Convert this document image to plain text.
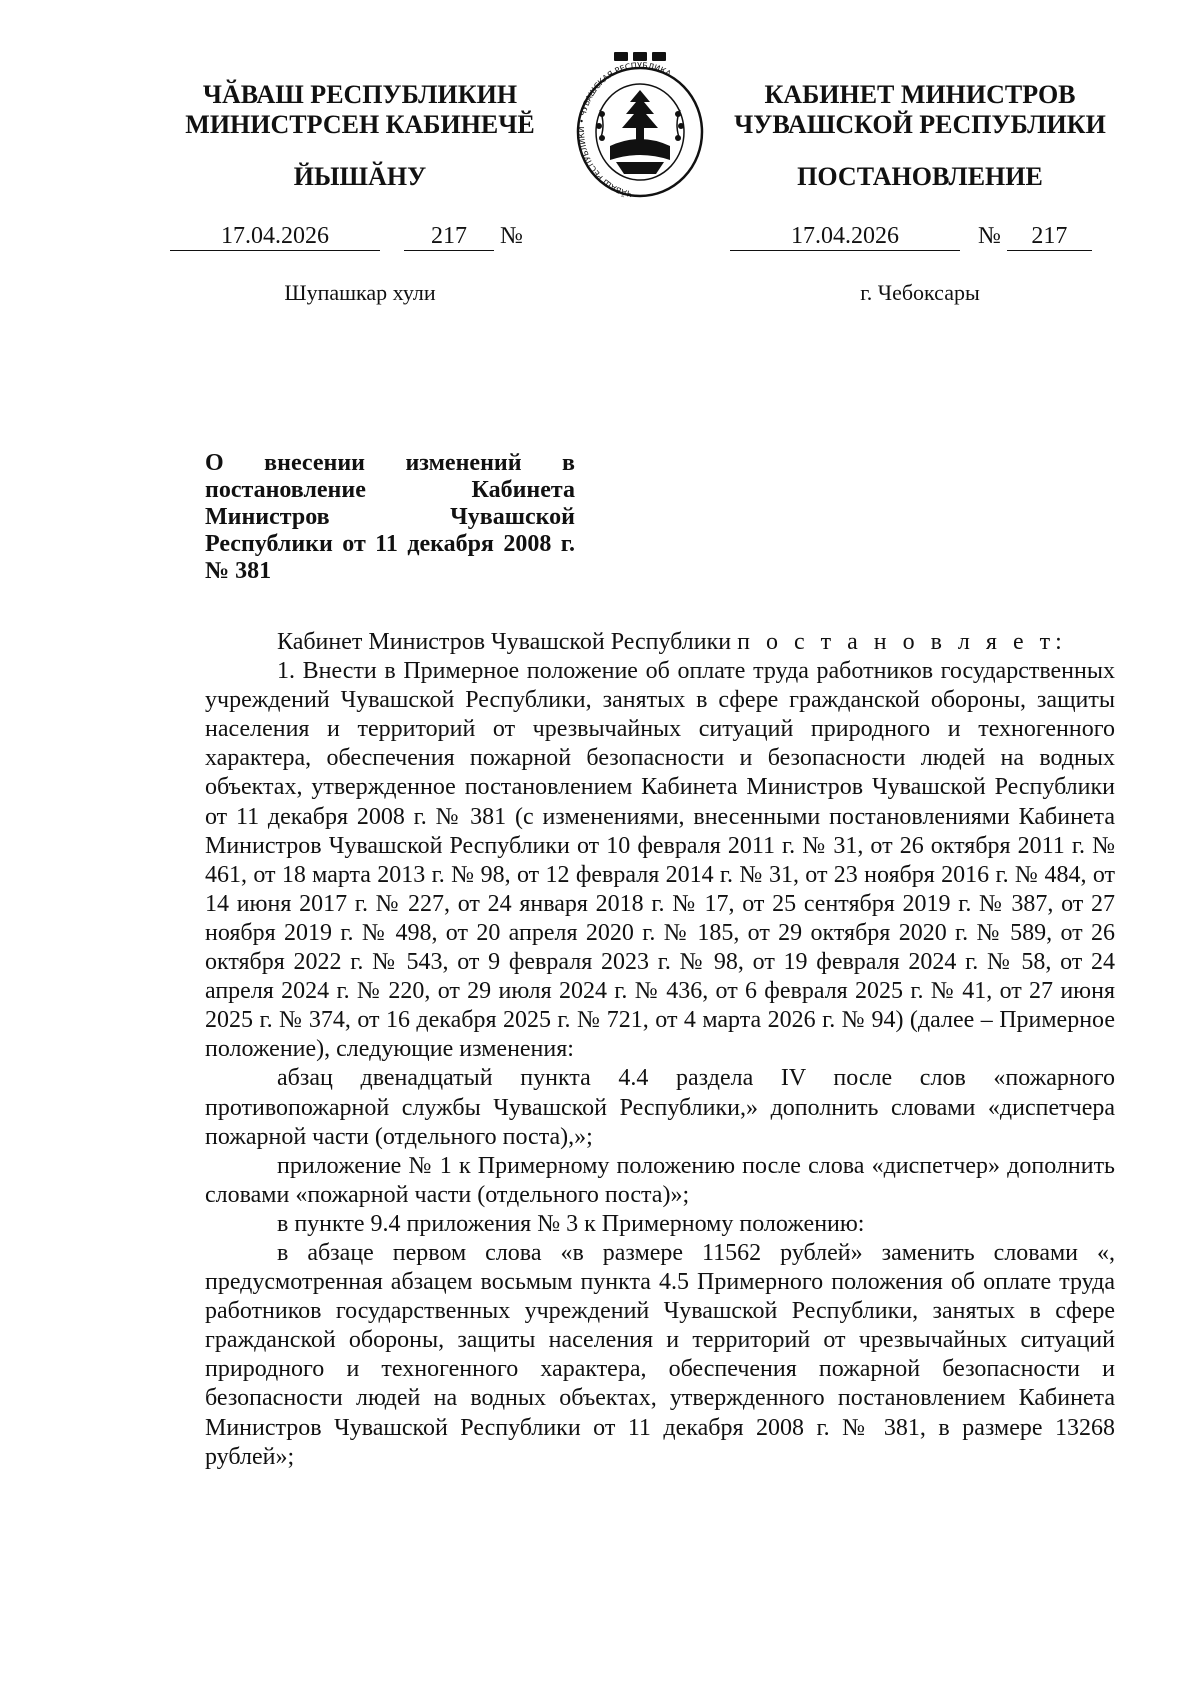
ЧӐВАШ РЕСПУБЛИКИН
МИНИСТРСЕН КАБИНЕЧӖ
ЙЫШӐНУ
КАБИНЕТ МИНИСТРОВ
ЧУВАШСКОЙ РЕСПУБЛИКИ
ПОСТАНОВЛЕНИЕ
ЧӐВАШ РЕСПУБЛИКИ • ЧУВАШСКАЯ РЕСПУБЛИКА
17.04.2026	217 №	17.04.2026	№ 217
Шупашкар хули	г. Чебоксары
О внесении изменений в постановление Кабинета Министров Чувашской Республики от 11 декабря 2008 г. № 381

Кабинет Министров Чувашской Республики п о с т а н о в л я е т:

1. Внести в Примерное положение об оплате труда работников государственных учреждений Чувашской Республики, занятых в сфере гражданской обороны, защиты населения и территорий от чрезвычайных ситуаций природного и техногенного характера, обеспечения пожарной безопасности и безопасности людей на водных объектах, утвержденное постановлением Кабинета Министров Чувашской Республики от 11 декабря 2008 г. № 381 (с изменениями, внесенными постановлениями Кабинета Министров Чувашской Республики от 10 февраля 2011 г. № 31, от 26 октября 2011 г. № 461, от 18 марта 2013 г. № 98, от 12 февраля 2014 г. № 31, от 23 ноября 2016 г. № 484, от 14 июня 2017 г. № 227, от 24 января 2018 г. № 17, от 25 сентября 2019 г. № 387, от 27 ноября 2019 г. № 498, от 20 апреля 2020 г. № 185, от 29 октября 2020 г. № 589, от 26 октября 2022 г. № 543, от 9 февраля 2023 г. № 98, от 19 февраля 2024 г. № 58, от 24 апреля 2024 г. № 220, от 29 июля 2024 г. № 436, от 6 февраля 2025 г. № 41, от 27 июня 2025 г. № 374, от 16 декабря 2025 г. № 721, от 4 марта 2026 г. № 94) (далее – Примерное положение), следующие изменения:

абзац двенадцатый пункта 4.4 раздела IV после слов «пожарного противопожарной службы Чувашской Республики,» дополнить словами «диспетчера пожарной части (отдельного поста),»;

приложение № 1 к Примерному положению после слова «диспетчер» дополнить словами «пожарной части (отдельного поста)»;

в пункте 9.4 приложения № 3 к Примерному положению:

в абзаце первом слова «в размере 11562 рублей» заменить словами «, предусмотренная абзацем восьмым пункта 4.5 Примерного положения об оплате труда работников государственных учреждений Чувашской Республики, занятых в сфере гражданской обороны, защиты населения и территорий от чрезвычайных ситуаций природного и техногенного характера, обеспечения пожарной безопасности и безопасности людей на водных объектах, утвержденного постановлением Кабинета Министров Чувашской Республики от 11 декабря 2008 г. № 381, в размере 13268 рублей»;
